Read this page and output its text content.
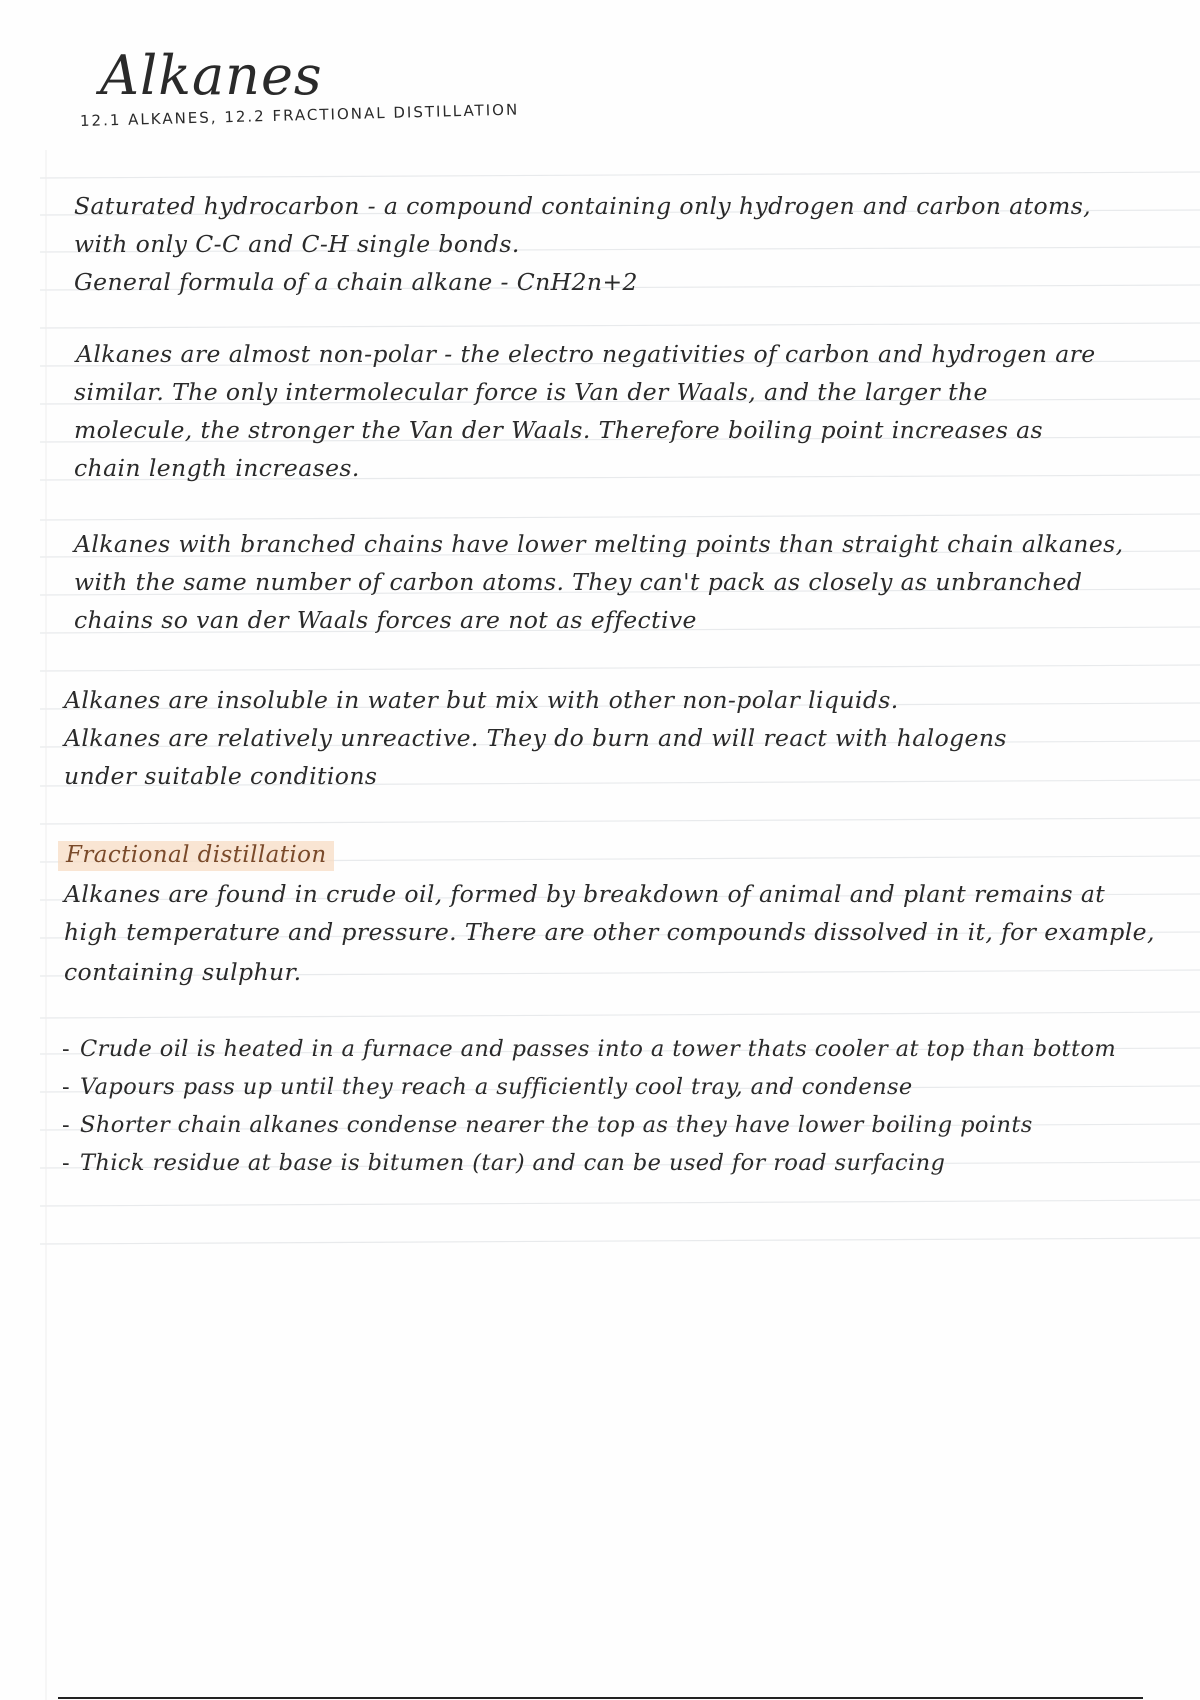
Alkanes
12.1 ALKANES, 12.2 FRACTIONAL DISTILLATION
Saturated hydrocarbon - a compound containing only hydrogen and carbon atoms,
with only C-C and C-H single bonds.
General formula of a chain alkane - CnH2n+2
Alkanes are almost non-polar - the electro negativities of carbon and hydrogen are
similar. The only intermolecular force is Van der Waals, and the larger the
molecule, the stronger the Van der Waals. Therefore boiling point increases as
chain length increases.
Alkanes with branched chains have lower melting points than straight chain alkanes,
with the same number of carbon atoms. They can't pack as closely as unbranched
chains so van der Waals forces are not as effective
Alkanes are insoluble in water but mix with other non-polar liquids.
Alkanes are relatively unreactive. They do burn and will react with halogens
under suitable conditions
Fractional distillation
Alkanes are found in crude oil, formed by breakdown of animal and plant remains at
high temperature and pressure. There are other compounds dissolved in it, for example,
containing sulphur.
- Crude oil is heated in a furnace and passes into a tower thats cooler at top than bottom
- Vapours pass up until they reach a sufficiently cool tray, and condense
- Shorter chain alkanes condense nearer the top as they have lower boiling points
- Thick residue at base is bitumen (tar) and can be used for road surfacing
